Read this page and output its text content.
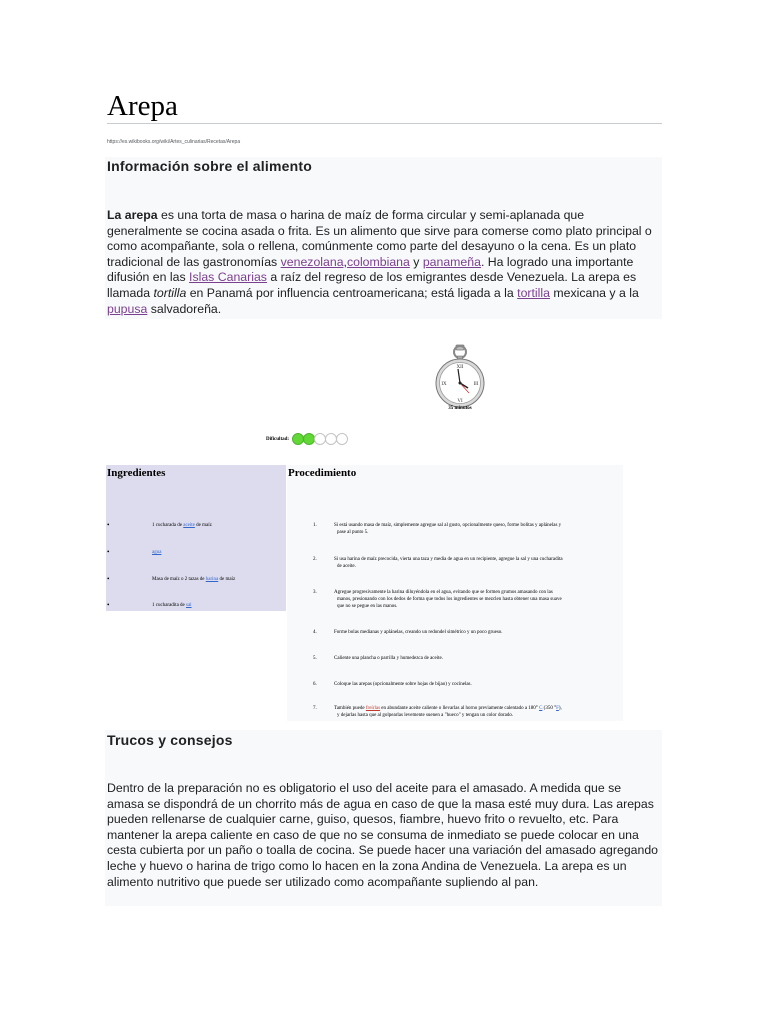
Arepa
https://es.wikibooks.org/wiki/Artes_culinarias/Recetas/Arepa
Información sobre el alimento
La arepa es una torta de masa o harina de maíz de forma circular y semi-aplanada que generalmente se cocina asada o frita. Es un alimento que sirve para comerse como plato principal o como acompañante, sola o rellena, comúnmente como parte del desayuno o la cena. Es un plato tradicional de las gastronomías venezolana,colombiana y panameña. Ha logrado una importante difusión en las Islas Canarias a raíz del regreso de los emigrantes desde Venezuela. La arepa es llamada tortilla en Panamá por influencia centroamericana; está ligada a la tortilla mexicana y a la pupusa salvadoreña.
XII
III
VI
IX
35 minutos
Dificultad:
Ingredientes
•	1 cucharada de aceite de maíz
•	agua
•	Masa de maíz o 2 tazas de harina de maíz
•	1 cucharadita de sal
Procedimiento
1.	Si está usando masa de maíz, simplemente agregue sal al gusto, opcionalmente queso, forme bolitas y aplánelas y
pase al punto 5.
2.	Si usa harina de maíz precocida, vierta una taza y media de agua en un recipiente, agregue la sal y una cucharadita
de aceite.
3.	Agregue progresivamente la harina diluyéndola en el agua, evitando que se formen grumos amasando con las
manos, presionando con los dedos de forma que todos los ingredientes se mezclen hasta obtener una masa suave
que no se pegue en las manos.
4.	Forme bolas medianas y aplánelas, creando un redondel simétrico y un poco grueso.
5.	Caliente una plancha o parrilla y humedezca de aceite.
6.	Coloque las arepas (opcionalmente sobre hojas de bijao) y cocínelas.
7.	También puede freírlas en abundante aceite caliente o llevarlas al horno previamente calentado a 180° C (350 °F),
y dejarlas hasta que al golpearlas levemente suenen a "hueco" y tengan un color dorado.
Trucos y consejos
Dentro de la preparación no es obligatorio el uso del aceite para el amasado. A medida que se amasa se dispondrá de un chorrito más de agua en caso de que la masa esté muy dura. Las arepas pueden rellenarse de cualquier carne, guiso, quesos, fiambre, huevo frito o revuelto, etc. Para mantener la arepa caliente en caso de que no se consuma de inmediato se puede colocar en una cesta cubierta por un paño o toalla de cocina. Se puede hacer una variación del amasado agregando leche y huevo o harina de trigo como lo hacen en la zona Andina de Venezuela. La arepa es un alimento nutritivo que puede ser utilizado como acompañante supliendo al pan.
